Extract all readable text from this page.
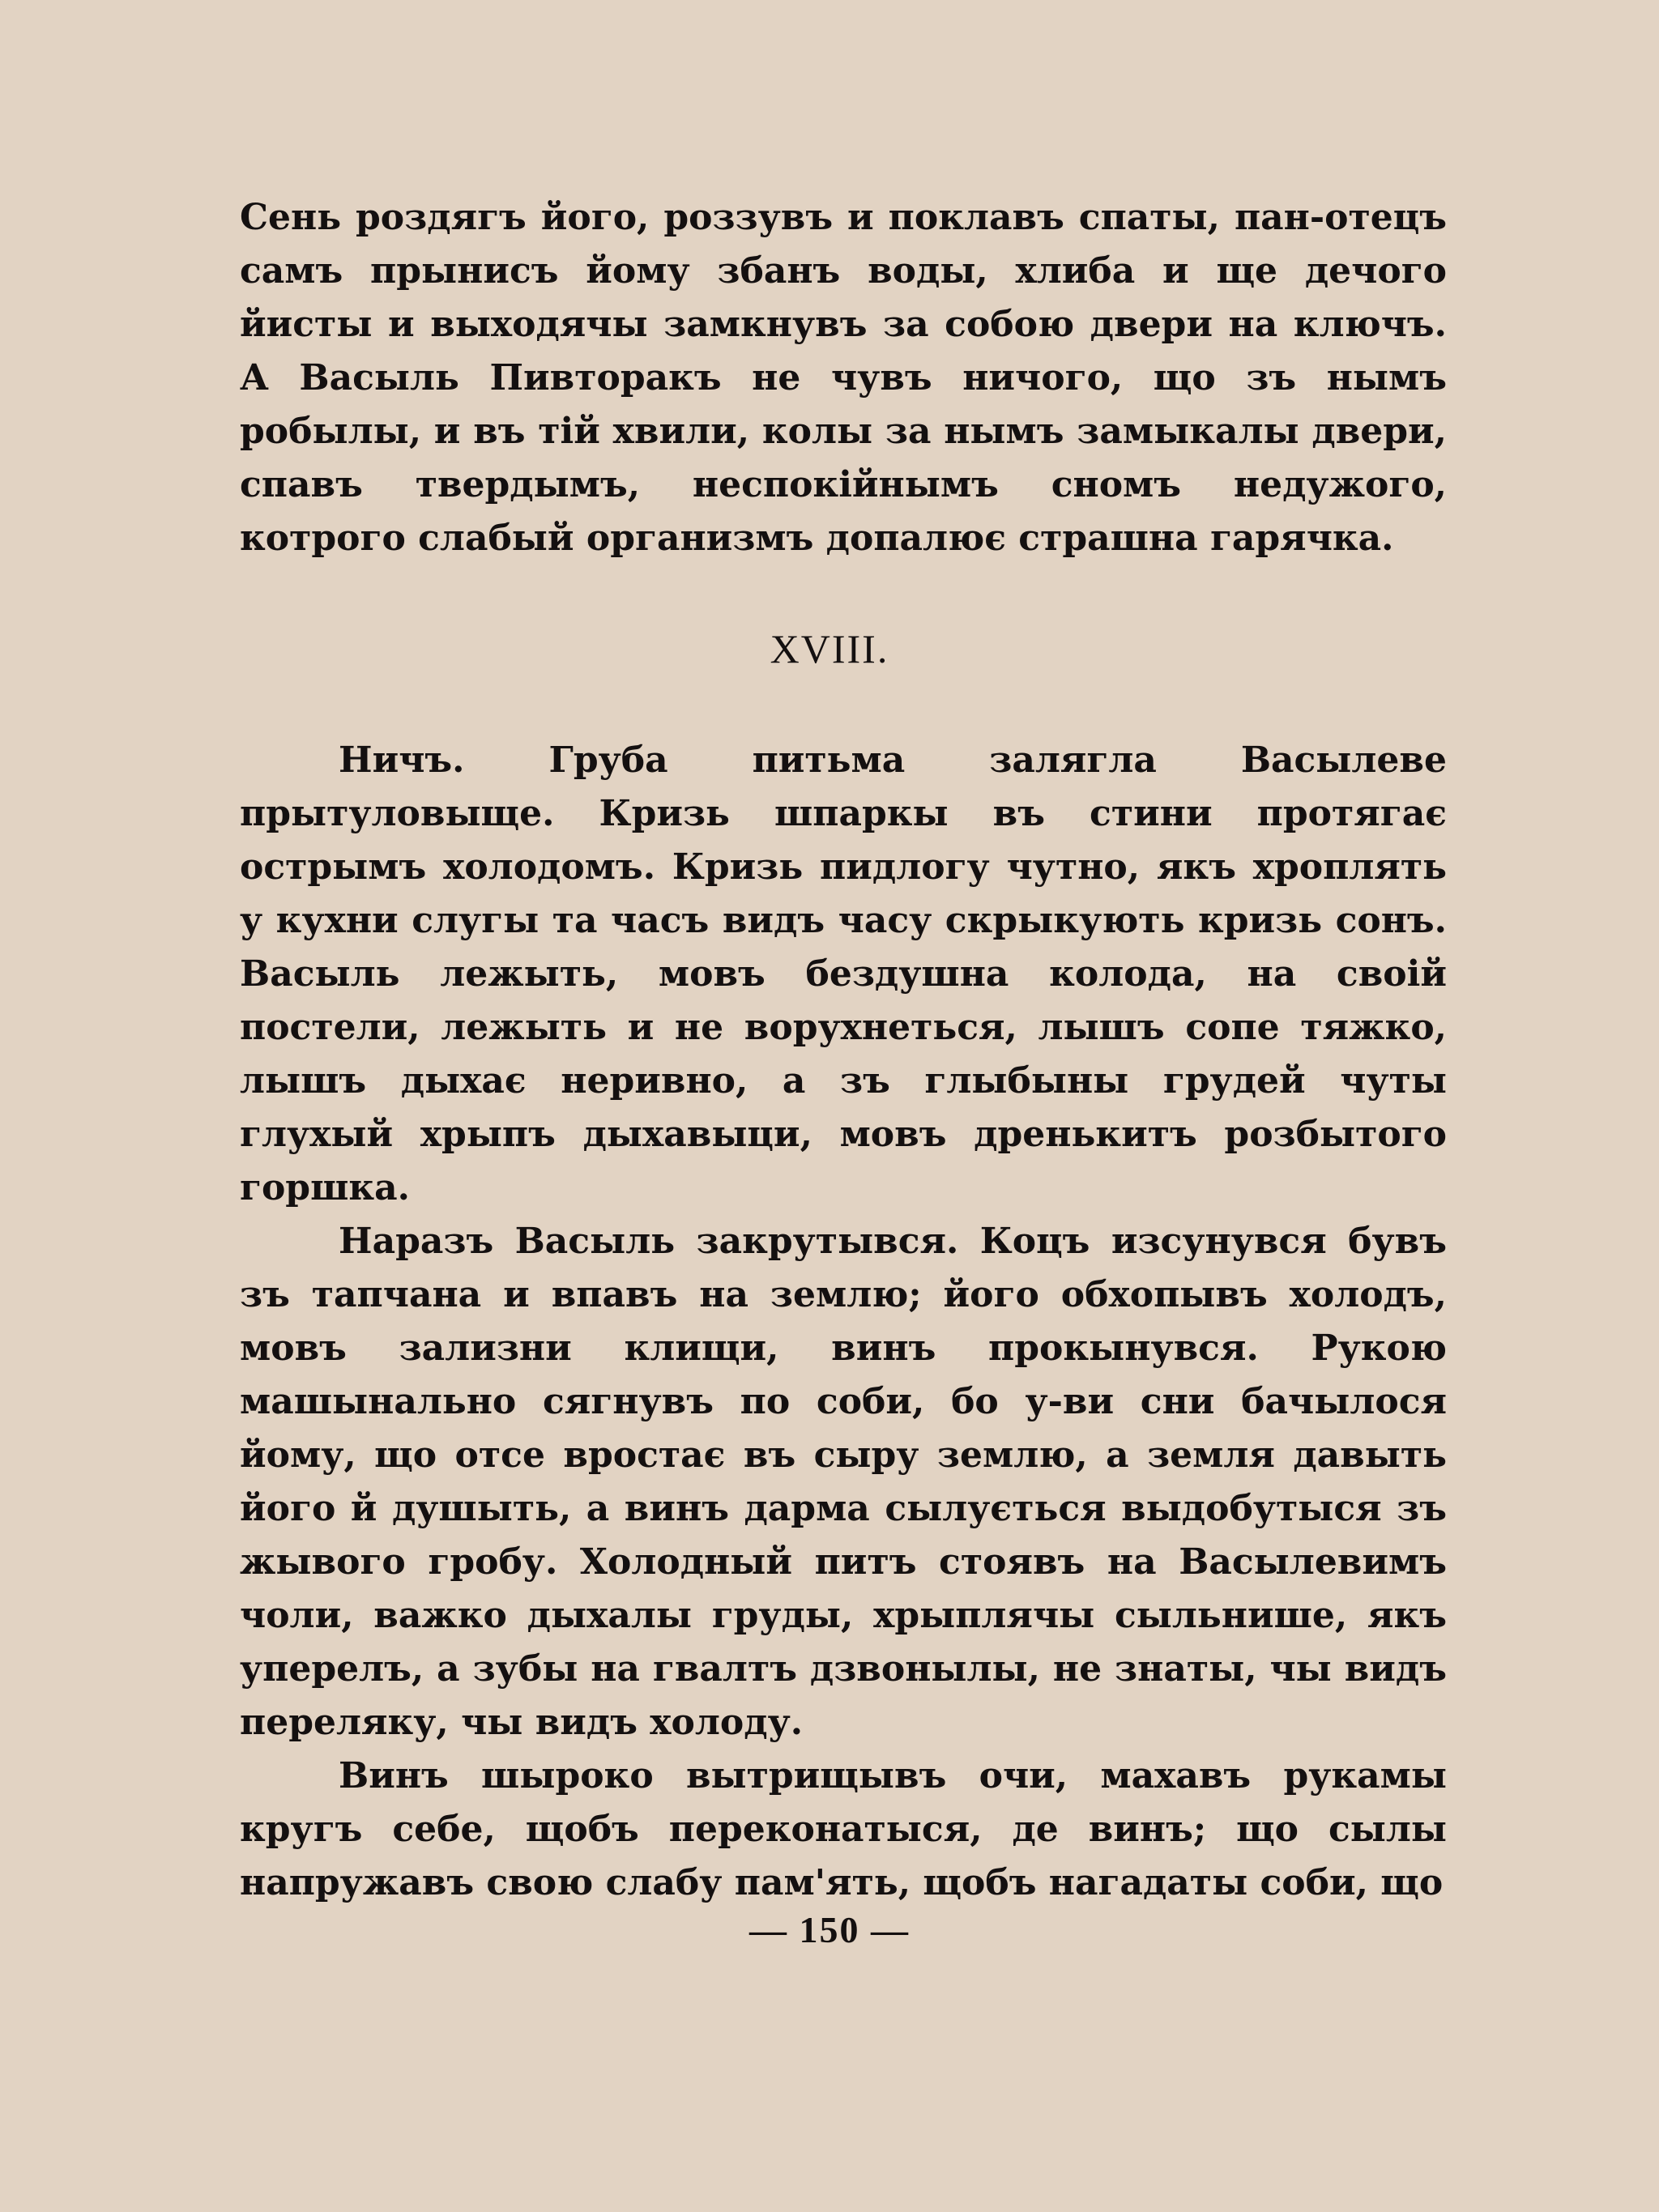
Сень роздягъ його, роззувъ и поклавъ спаты, пан-отецъ самъ прынисъ йому збанъ воды, хлиба и ще дечого йисты и выходячы замкнувъ за собою двери на ключъ. А Васыль Пивторакъ не чувъ ничого, що зъ нымъ робылы, и въ тій хвили, колы за нымъ замыкалы двери, спавъ твердымъ, неспокійнымъ сномъ недужого, котрого слабый организмъ допалює страшна гарячка.

XVIII.

Ничъ. Груба питьма залягла Васылеве прытуловыще. Кризь шпаркы въ стини протягає острымъ холодомъ. Кризь пидлогу чутно, якъ хроплять у кухни слугы та часъ видъ часу скрыкують кризь сонъ. Васыль лежыть, мовъ бездушна колода, на своій постели, лежыть и не ворухнеться, лышъ сопе тяжко, лышъ дыхає неривно, а зъ глыбыны грудей чуты глухый хрыпъ дыхавыци, мовъ дренькитъ розбытого горшка.

Наразъ Васыль закрутывся. Коцъ изсунувся бувъ зъ тапчана и впавъ на землю; його обхопывъ холодъ, мовъ зализни клищи, винъ прокынувся. Рукою машынально сягнувъ по соби, бо у-ви сни бачылося йому, що отсе вростає въ сыру землю, а земля давыть його й душыть, а винъ дарма сылується выдобутыся зъ жывого гробу. Холодный питъ стоявъ на Васылевимъ чоли, важко дыхалы груды, хрыплячы сыльнише, якъ уперелъ, а зубы на гвалтъ дзвонылы, не знаты, чы видъ переляку, чы видъ холоду.

Винъ шыроко вытрищывъ очи, махавъ рукамы кругъ себе, щобъ переконатыся, де винъ; що сылы напружавъ свою слабу пам'ять, щобъ нагадаты соби, що

— 150 —
